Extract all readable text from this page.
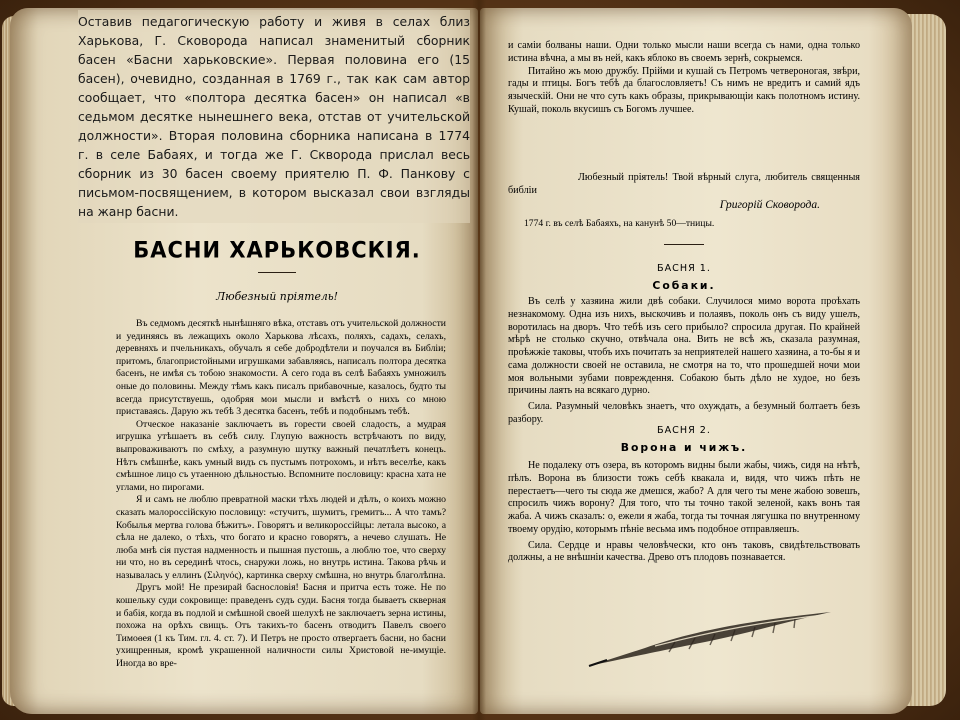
Оставив педагогическую работу и живя в селах близ Харькова, Г. Сковорода написал знаменитый сборник басен «Басни харьковские». Первая половина его (15 басен), очевидно, созданная в 1769 г., так как сам автор сообщает, что «полтора десятка басен» он написал «в седьмом десятке нынешнего века, отстав от учительской должности». Вторая половина сборника написана в 1774 г. в селе Бабаях, и тогда же Г. Скворода прислал весь сборник из 30 басен своему приятелю П. Ф. Панкову с письмом-посвящением, в котором высказал свои взгляды на жанр басни.
БАСНИ ХАРЬКОВСКІЯ.
Любезный пріятель!

Въ седмомъ десяткѣ нынѣшняго вѣка, отставъ отъ учительской должности и уединяясь въ лежащихъ около Харькова лѣсахъ, поляхъ, садахъ, селахъ, деревняхъ и пчельникахъ, обучалъ я себе добродѣтели и поучался въ Библіи; притомъ, благопристойными игрушками забавляясь, написалъ полтора десятка басенъ, не имѣя съ тобою знакомости. А сего года въ селѣ Бабаяхъ умножилъ оные до половины. Между тѣмъ какъ писалъ прибавочные, казалось, будто ты всегда присутствуешь, одобряя мои мысли и вмѣстѣ о нихъ со мною приставаясь. Дарую жъ тебѣ 3 десятка басенъ, тебѣ и подобнымъ тебѣ.

Отческое наказаніе заключаетъ въ горести своей сладость, а мудрая игрушка утѣшаетъ въ себѣ силу. Глупую важность встрѣчаютъ по виду, выпроваживаютъ по смѣху, а разумную шутку важный печатлѣетъ конецъ. Нѣтъ смѣшнѣе, какъ умный видъ съ пустымъ потрохомъ, и нѣтъ веселѣе, какъ смѣшное лицо съ утаенною дѣльностью. Вспомните пословицу: красна хата не углами, но пирогами.

Я и самъ не люблю превратной маски тѣхъ людей и дѣлъ, о коихъ можно сказать малороссійскую пословицу: «стучитъ, шумитъ, гремитъ... А что тамъ? Кобылья мертва голова бѣжитъ». Говорятъ и великороссійцы: летала высоко, а сѣла не далеко, о тѣхъ, что богато и красно говорятъ, а нечево слушать. Не люба мнѣ сія пустая надменность и пышная пустошь, а люблю тое, что сверху ни что, но въ серединѣ чтось, снаружи ложь, но внутрь истина. Такова рѣчь и называлась у еллинъ (Σιληνός), картинка сверху смѣшна, но внутрь благолѣпна.

Другъ мой! Не презирай баснословія! Басня и притча есть тоже. Не по кошельку суди сокровище: праведенъ судъ суди. Басня тогда бываетъ скверная и бабія, когда въ подлой и смѣшной своей шелухѣ не заключаетъ зерна истины, похожа на орѣхъ свищъ. Отъ такихъ-то басенъ отводитъ Павелъ своего Тимоѳея (1 къ Тим. гл. 4. ст. 7). И Петръ не просто отвергаетъ басни, но басни ухищренныя, кромѣ украшенной наличности силы Христовой не-имущіе. Иногда во вре-

и самiи болваны наши. Одни только мысли наши всегда съ нами, одна только истина вѣчна, а мы въ ней, какъ яблоко въ своемъ зернѣ, сокрыемся.

Питайно жъ мою дружбу. Прійми и кушай съ Петромъ четвероногая, звѣри, гады и птицы. Богъ тебѣ да благословляетъ! Съ нимъ не вредитъ и самий ядъ языческій. Они не что суть какъ образы, прикрывающіи какъ полотномъ истину. Кушай, поколь вкусишъ съ Богомъ лучшее.

Любезный пріятель! Твой вѣрный слуга, любитель священныя библіи
Григорій Сковорода.
1774 г. въ селѣ Бабаяхъ, на канунѣ 50—тницы.
БАСНЯ 1.
Собаки.

Въ селѣ у хазяина жили двѣ собаки. Случилося мимо ворота проѣхать незнакомому. Одна изъ нихъ, выскочивъ и полаявъ, поколь онъ съ виду ушелъ, воротилась на дворъ. Что тебѣ изъ сего прибыло? спросила другая. По крайней мѣрѣ не столько скучно, отвѣчала она. Вить не всѣ жъ, сказала разумная, проѣжжіе таковы, чтобъ ихъ почитать за неприятелей нашего хазяина, а то-бы я и сама должности своей не оставила, не смотря на то, что прошедшей ночи мои моя вольными зубами повреждення. Собакою быть дѣло не худое, но безъ причины лаять на всякаго дурно.

Сила. Разумный человѣкъ знаетъ, что охуждать, а безумный болтаетъ безъ разбору.

БАСНЯ 2.
Ворона и чижъ.

Не подалеку отъ озера, въ которомъ видны были жабы, чижъ, сидя на нѣтѣ, пѣлъ. Ворона въ близости тожъ себѣ квакала и, видя, что чижъ пѣть не перестаетъ—чего ты сюда же дмешся, жабо? А для чего ты мене жабою зовешъ, спросилъ чижъ ворону? Для того, что ты точно такой зеленой, какъ вонъ тая жаба. А чижъ сказалъ: о, ежели я жаба, тогда ты точная лягушка по внутренному твоему орудію, которымъ пѣніе весьма имъ подобное отправляешъ.

Сила. Сердце и нравы человѣчески, кто онъ таковъ, свидѣтельствовать должны, а не внѣшніи качества. Древо отъ плодовъ познавается.
